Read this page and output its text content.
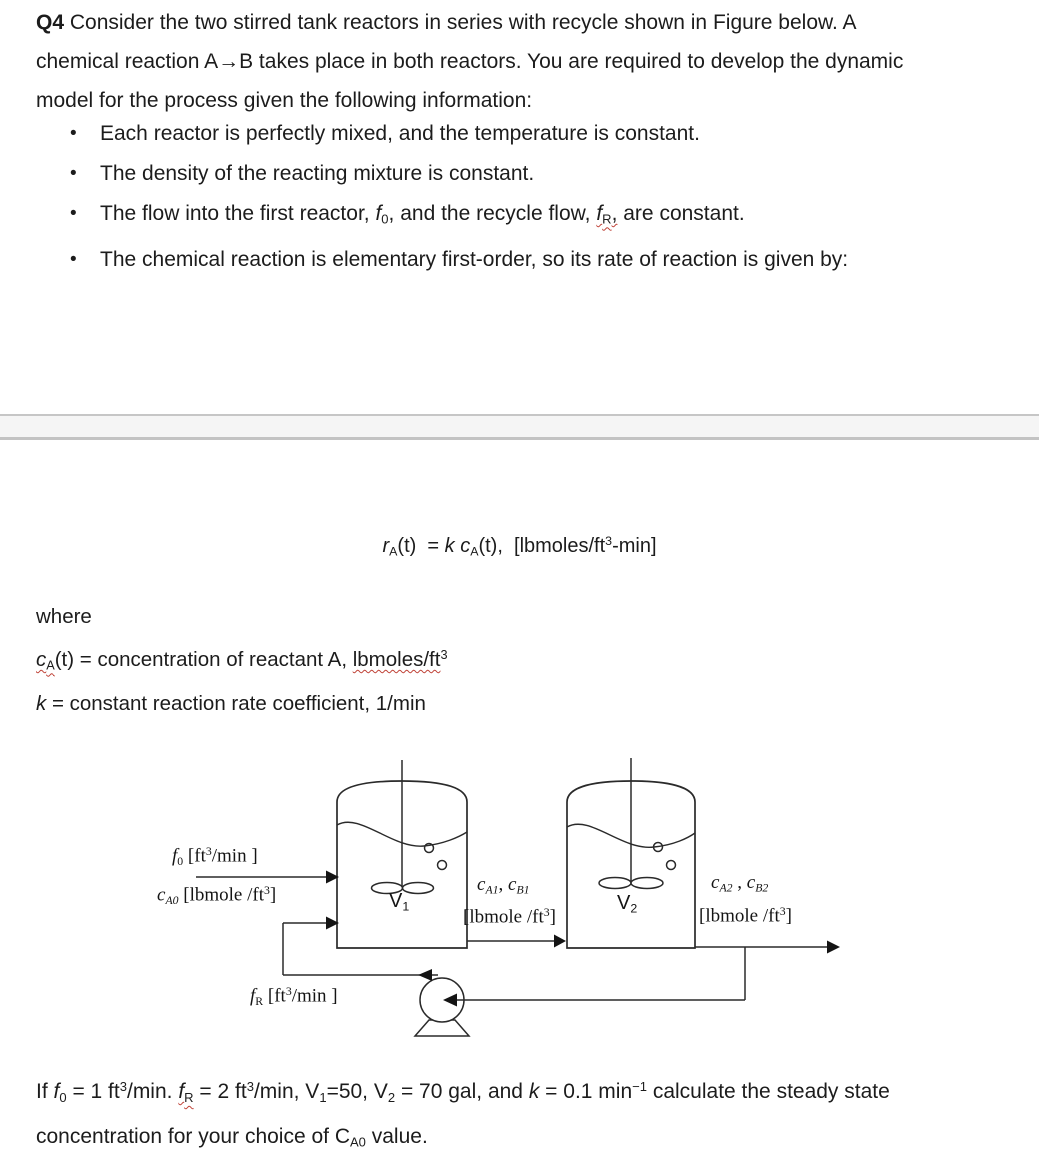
Q4 Consider the two stirred tank reactors in series with recycle shown in Figure below. A
chemical reaction A→B takes place in both reactors. You are required to develop the dynamic
model for the process given the following information:
• Each reactor is perfectly mixed, and the temperature is constant.
• The density of the reacting mixture is constant.
• The flow into the first reactor, $f_0$, and the recycle flow, $f_R$, are constant.
• The chemical reaction is elementary first-order, so its rate of reaction is given by:
$r_A(t) = k$ $c_A(t)$,  $[lbmoles/ft^3-\min]$
where
$c_A(t)$ = concentration of reactant A, lbmoles/$ft^3$
k = constant reaction rate coefficient, 1/min
$f_0$ [$ft^3/\min$ ]
$c_{A0}$ [lbmole $/ft^3$]	$V_1$	$V_2$
$c_{A1}$, $c_{B1}$
[lbmole $/ft^3$]
$c_{A2}$ , $c_{B2}$
[lbmole $/ft^3$]
$f_R$ [$ft^3/\min$ ]
If $f_0 = 1$ $ft^3/\min$. $f_R = 2$ $ft^3/\min$, $V_1=50$, $V_2 = 70$ gal, and k = 0.1 $\min^{-1}$ calculate the steady state
concentration for your choice of $C_{A0}$ value.
